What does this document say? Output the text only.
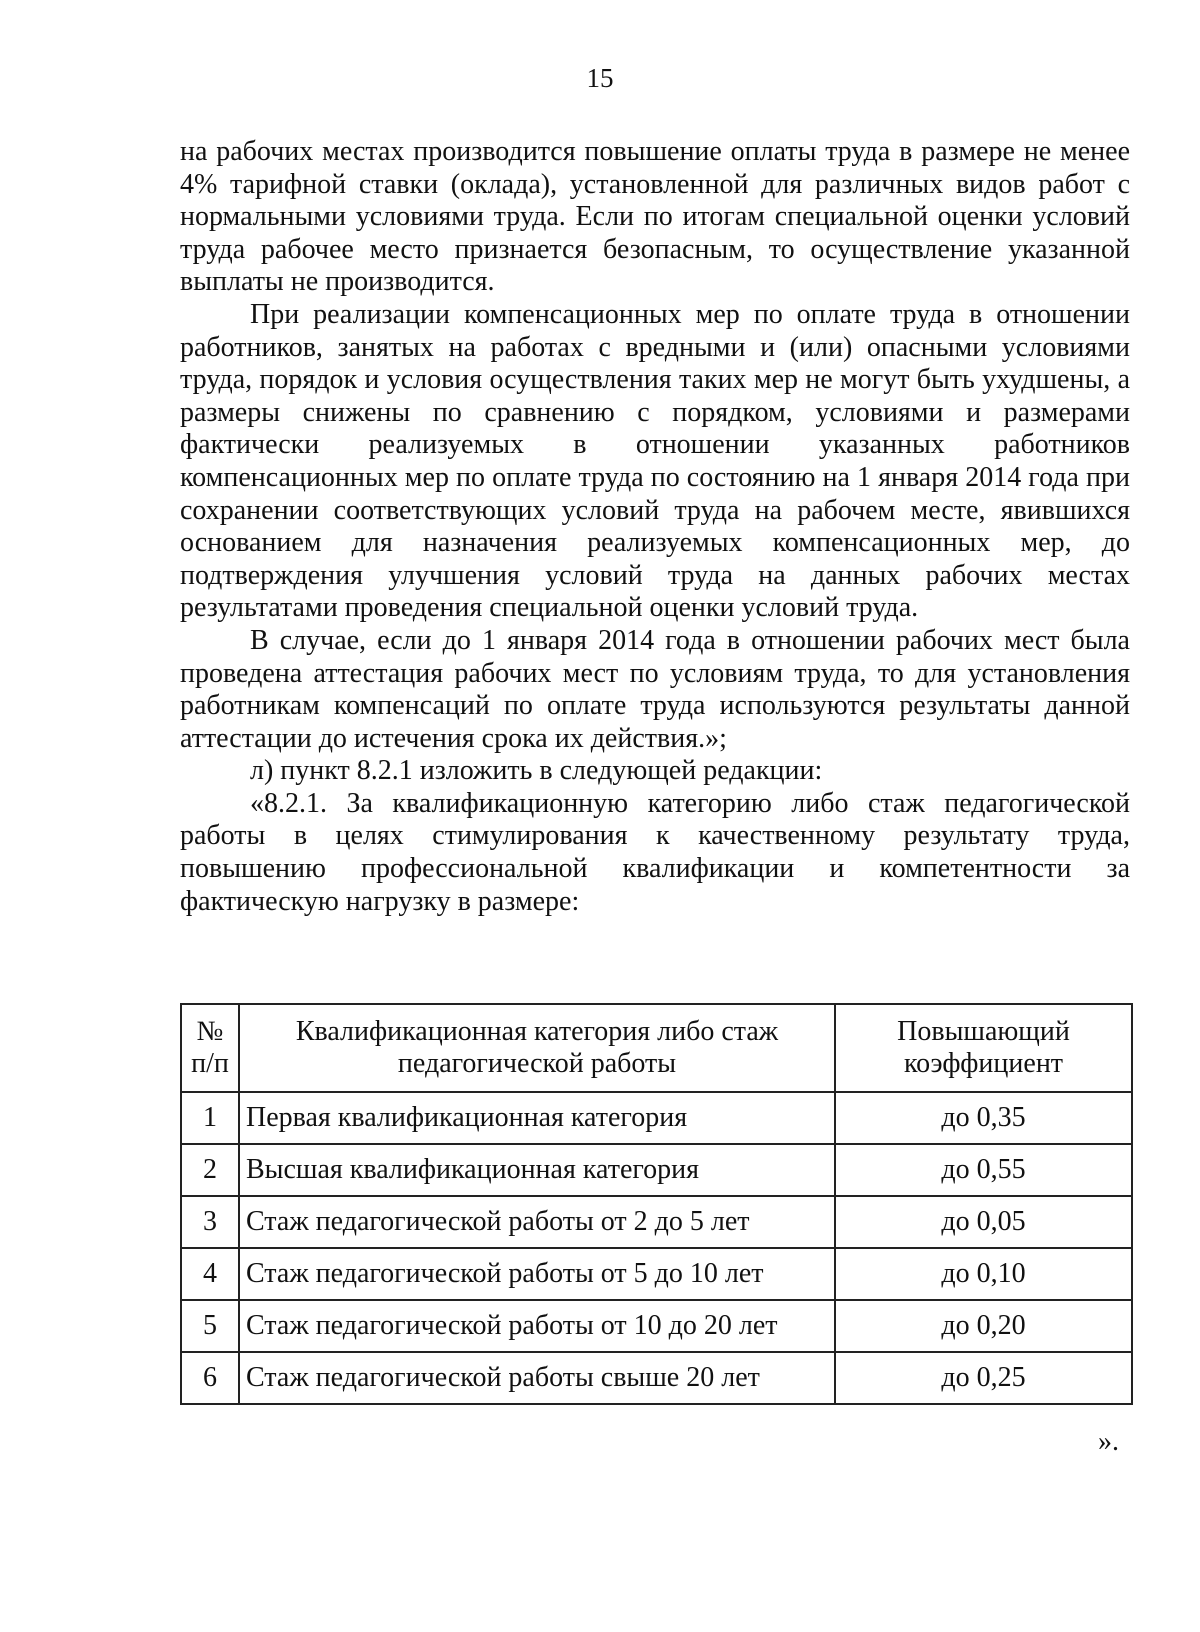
15

на рабочих местах производится повышение оплаты труда в размере не менее 4% тарифной ставки (оклада), установленной для различных видов работ с нормальными условиями труда. Если по итогам специальной оценки условий труда рабочее место признается безопасным, то осуществление указанной выплаты не производится.

При реализации компенсационных мер по оплате труда в отношении работников, занятых на работах с вредными и (или) опасными условиями труда, порядок и условия осуществления таких мер не могут быть ухудшены, а размеры снижены по сравнению с порядком, условиями и размерами фактически реализуемых в отношении указанных работников компенсационных мер по оплате труда по состоянию на 1 января 2014 года при сохранении соответствующих условий труда на рабочем месте, явившихся основанием для назначения реализуемых компенсационных мер, до подтверждения улучшения условий труда на данных рабочих местах результатами проведения специальной оценки условий труда.

В случае, если до 1 января 2014 года в отношении рабочих мест была проведена аттестация рабочих мест по условиям труда, то для установления работникам компенсаций по оплате труда используются результаты данной аттестации до истечения срока их действия.»;

л) пункт 8.2.1 изложить в следующей редакции:

«8.2.1. За квалификационную категорию либо стаж педагогической работы в целях стимулирования к качественному результату труда, повышению профессиональной квалификации и компетентности за фактическую нагрузку в размере:

№ п/п	Квалификационная категория либо стаж педагогической работы	Повышающий коэффициент
1	Первая квалификационная категория	до 0,35
2	Высшая квалификационная категория	до 0,55
3	Стаж педагогической работы от 2 до 5 лет	до 0,05
4	Стаж педагогической работы от 5 до 10 лет	до 0,10
5	Стаж педагогической работы от 10 до 20 лет	до 0,20
6	Стаж педагогической работы свыше 20 лет	до 0,25
».
